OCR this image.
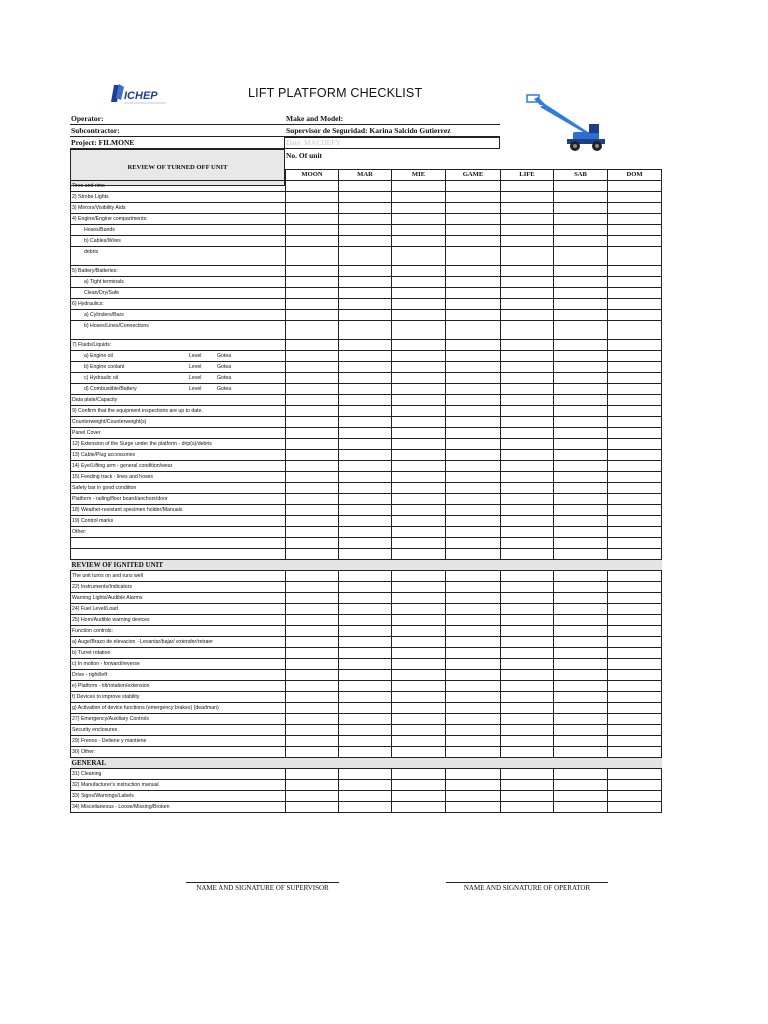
ICHEP	LIFT PLATFORM CHECKLIST
Operator:
Subcontractor:
Project: FILMONE
Make and Model:
Supervisor de Seguridad: Karina Salcido Gutierrez
Date: MACHEFY
No. Of unit
REVIEW OF TURNED OFF UNIT
	MOON	MAR	MIE	GAME	LIFE	SAB	DOM
Tires and rims							
2) Strobe Lights							
3) Mirrors/Visibility Aids							
4) Engine/Engine compartments:							
Hoses/Bands							
b) Cables/Wires							
debris							
5) Battery/Batteries:							
a) Tight terminals							
Clean/Dry/Safe							
6) Hydraulics:							
a) Cylinders/Bars							
b) Hoses/Lines/Connections							
7) Fluids/Liquids:							
a) Engine oil Level Gotea							
b) Engine coolant Level Gotea							
c) Hydraulic oil Level Gotea							
d) Combustible/Battery Level Gotea							
Data plate/Capacity							
9) Confirm that the equipment inspections are up to date.							
Counterweight/Counterweight(s)							
Panel Cover							
12) Extension of the Surge under the platform - drip(s)/debris							
13) Cable/Plug accessories							
14) Eye/Lifting arm - general condition/wear							
15) Feeding track - lines and hoses							
Safety bar in good condition							
Platform - railing/floor board/anchors/door							
18) Weather-resistant specimen holder/Manuals							
19) Control marks							
Other:							

REVIEW OF IGNITED UNIT							
The unit turns on and runs well							
22) Instruments/Indicators							
Warning Lights/Audible Alarms							
24) Fuel Level/Load							
25) Horn/Audible warning devices							
Function controls:							
a) Auge/Brazo de elevacion - Levantar/bajar/ extender/retraer							
b) Turret rotation							
c) In motion - forward/reverse							
Drive - right/left							
e) Platform - tilt/rotation/extension							
f) Devices to improve stability							
g) Activation of device functions (emergency brakes) (deadman)							
27) Emergency/Auxiliary Controls							
Security enclosures							
29) Frenos - Detiene y mantiene							
30) Other:							
GENERAL							
31) Cleaning							
32) Manufacturer's instruction manual							
33) Signs/Warnings/Labels							
34) Miscellaneous - Loose/Missing/Broken							
NAME AND SIGNATURE OF SUPERVISOR	NAME AND SIGNATURE OF OPERATOR
